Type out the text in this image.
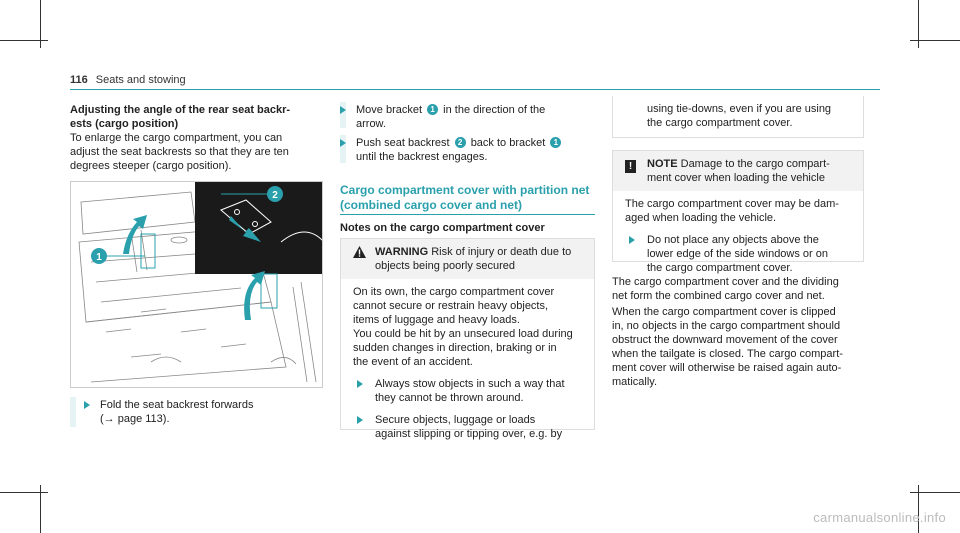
116 Seats and stowing
Adjusting the angle of the rear seat backr-
ests (cargo position)

To enlarge the cargo compartment, you can

adjust the seat backrests so that they are ten

degrees steeper (cargo position).

1
2

Fold the seat backrest forwards

(→ page 113).

Move bracket 1 in the direction of the

arrow.

Push seat backrest 2 back to bracket 1

until the backrest engages.

Cargo compartment cover with partition net
(combined cargo cover and net)
Notes on the cargo compartment cover

WARNING Risk of injury or death due to

objects being poorly secured

On its own, the cargo compartment cover

cannot secure or restrain heavy objects,

items of luggage and heavy loads.

You could be hit by an unsecured load during

sudden changes in direction, braking or in

the event of an accident.

Always stow objects in such a way that

they cannot be thrown around.

Secure objects, luggage or loads

against slipping or tipping over, e.g. by

using tie-downs, even if you are using

the cargo compartment cover.

!	NOTE Damage to the cargo compart-

ment cover when loading the vehicle

The cargo compartment cover may be dam-

aged when loading the vehicle.

Do not place any objects above the

lower edge of the side windows or on

the cargo compartment cover.

The cargo compartment cover and the dividing

net form the combined cargo cover and net.

When the cargo compartment cover is clipped

in, no objects in the cargo compartment should

obstruct the downward movement of the cover

when the tailgate is closed. The cargo compart-

ment cover will otherwise be raised again auto-

matically.

carmanualsonline.info
